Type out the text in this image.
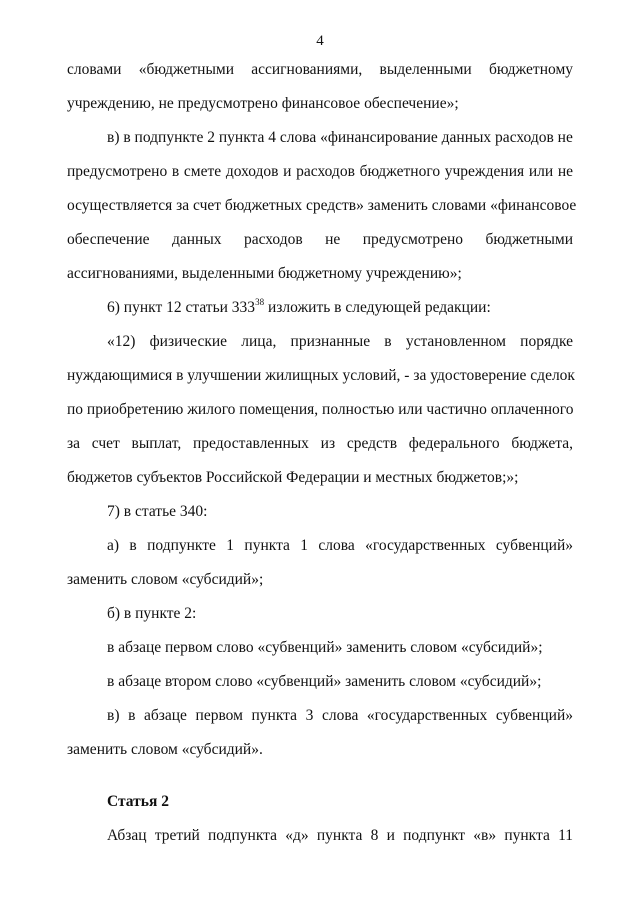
4
словами «бюджетными ассигнованиями, выделенными бюджетному
учреждению, не предусмотрено финансовое обеспечение»;
в) в подпункте 2 пункта 4 слова «финансирование данных расходов не
предусмотрено в смете доходов и расходов бюджетного учреждения или не
осуществляется за счет бюджетных средств» заменить словами «финансовое
обеспечение данных расходов не предусмотрено бюджетными
ассигнованиями, выделенными бюджетному учреждению»;
6) пункт 12 статьи $333^{38}$ изложить в следующей редакции:
«12) физические лица, признанные в установленном порядке
нуждающимися в улучшении жилищных условий, - за удостоверение сделок
по приобретению жилого помещения, полностью или частично оплаченного
за счет выплат, предоставленных из средств федерального бюджета,
бюджетов субъектов Российской Федерации и местных бюджетов;»;
7) в статье 340:
а) в подпункте 1 пункта 1 слова «государственных субвенций»
заменить словом «субсидий»;
б) в пункте 2:
в абзаце первом слово «субвенций» заменить словом «субсидий»;
в абзаце втором слово «субвенций» заменить словом «субсидий»;
в) в абзаце первом пункта 3 слова «государственных субвенций»
заменить словом «субсидий».
Статья 2
Абзац третий подпункта «д» пункта 8 и подпункт «в» пункта 11
